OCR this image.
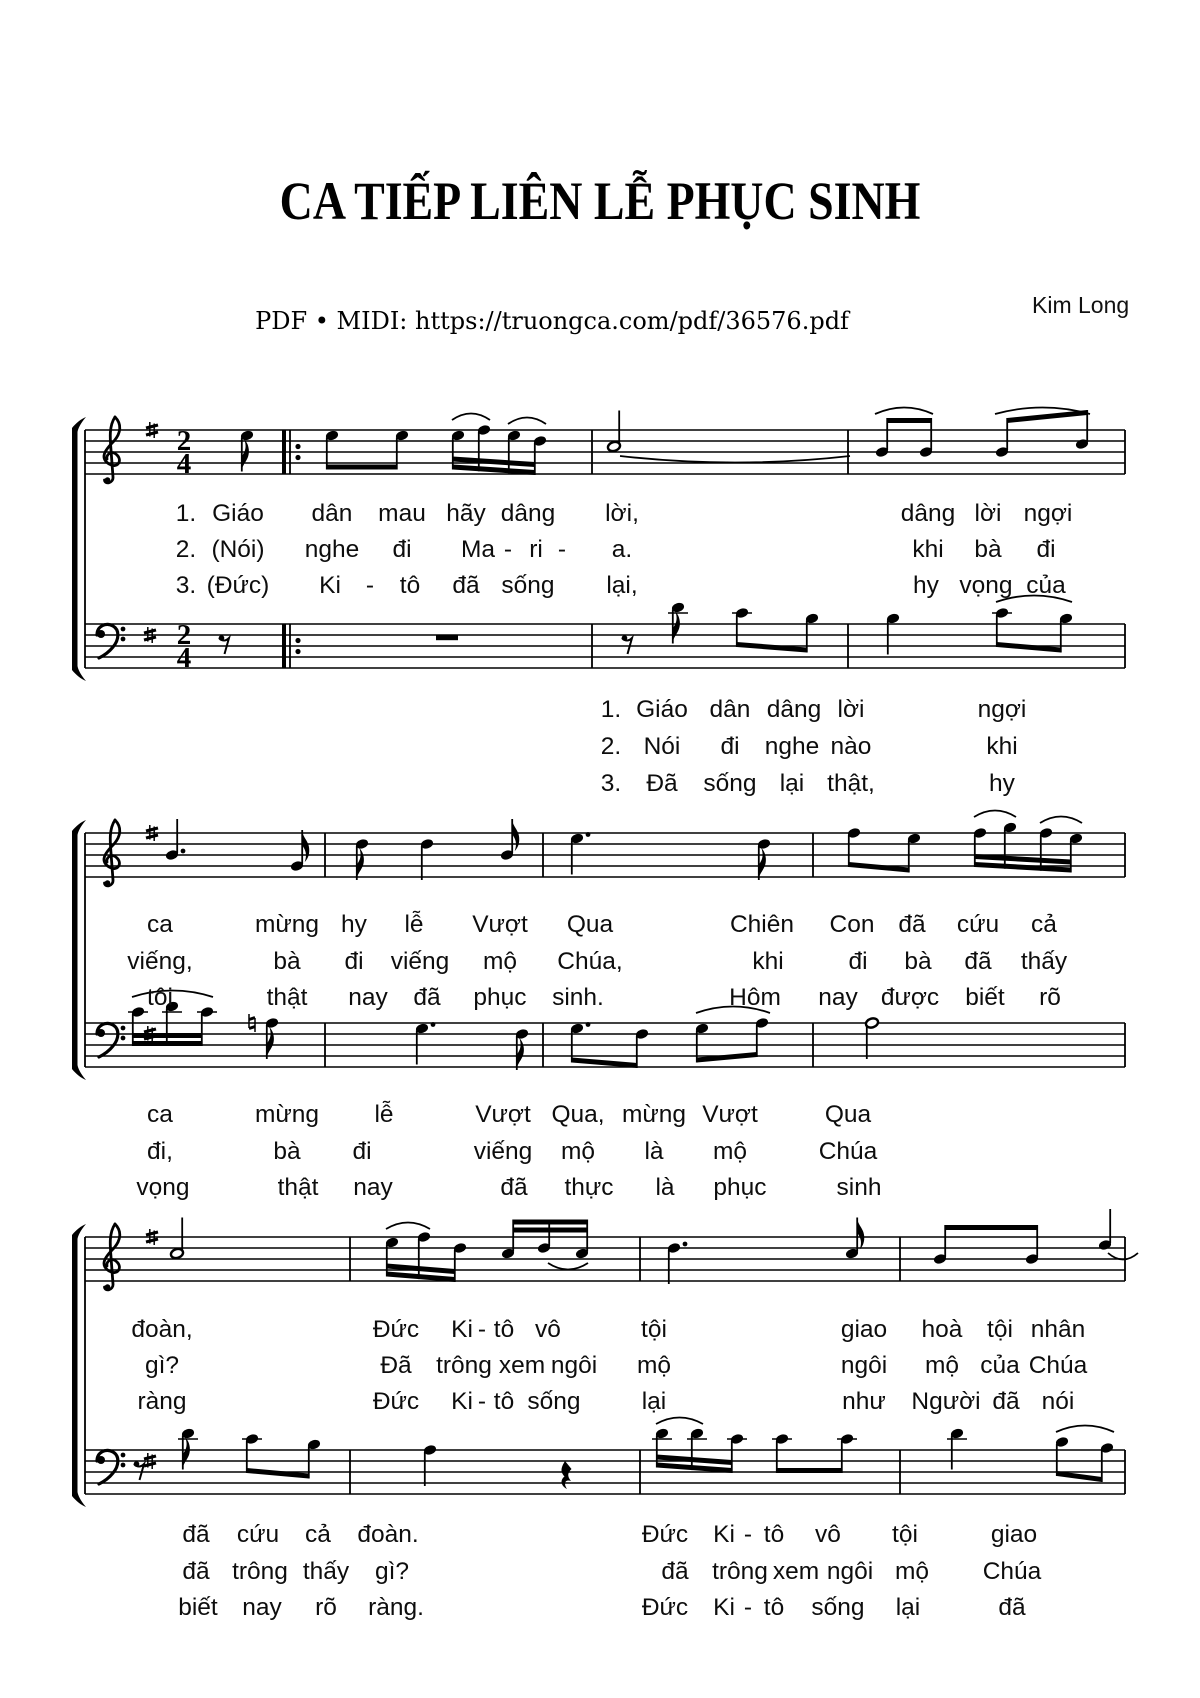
CA TIẾP LIÊN LỄ PHỤC SINH
PDF • MIDI: https://truongca.com/pdf/36576.pdf
Kim Long
2
4
2
4
1. Giáo dân mau hãy dâng lời,	dâng lời ngợi
2. (Nói) nghe đi Ma - ri - a.	khi bà đi
3. (Đức) Ki - tô đã sống lại,	hy vọng của
1. Giáo dân dâng lời	ngợi
2. Nói đi nghe nào	khi
3. Đã sống lại thật,	hy
ca	mừng hy lễ Vượt Qua	Chiên Con đã cứu cả
viếng,	bà đi viếng mộ Chúa,	khi	đi bà đã thấy
tôi	thật nay đã phục sinh.	Hôm nay được biết rõ
ca	mừng lễ	Vượt Qua, mừng Vượt	Qua
đi,	bà đi	viếng mộ là mộ	Chúa
vọng	thật nay	đã thực là phục	sinh
đoàn,	Đức Ki - tô vô	tội	giao hoà tội nhân
gì?	Đã trông xem ngôi mộ	ngôi mộ của Chúa
ràng	Đức Ki - tô sống lại	như Người đã nói
đã cứu cả đoàn.	Đức Ki - tô vô tội	giao
đã trông thấy gì?	đã trông xem ngôi mộ Chúa
biết nay rõ ràng.	Đức Ki - tô sống lại	đã
